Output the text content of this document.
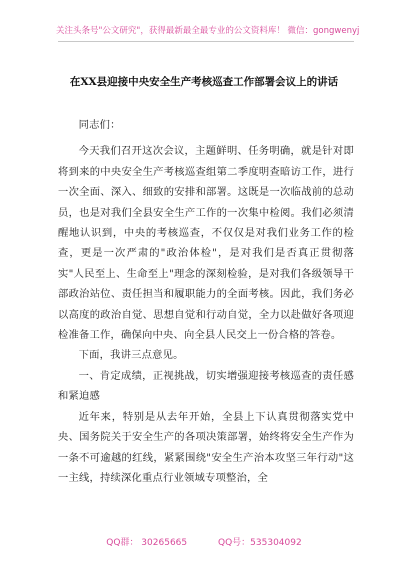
关注头条号"公文研究"，获得最新最全最专业的公文资料库！ 微信：gongwenyj
在XX县迎接中央安全生产考核巡查工作部署会议上的讲话

同志们：

今天我们召开这次会议，主题鲜明、任务明确，就是针对即将到来的中央安全生产考核巡查组第二季度明查暗访工作，进行一次全面、深入、细致的安排和部署。这既是一次临战前的总动员，也是对我们全县安全生产工作的一次集中检阅。我们必须清醒地认识到，中央的考核巡查，不仅仅是对我们业务工作的检查，更是一次严肃的"政治体检"，是对我们是否真正贯彻落实"人民至上、生命至上"理念的深刻检验，是对我们各级领导干部政治站位、责任担当和履职能力的全面考核。因此，我们务必以高度的政治自觉、思想自觉和行动自觉，全力以赴做好各项迎检准备工作，确保向中央、向全县人民交上一份合格的答卷。

下面，我讲三点意见。

一、肯定成绩，正视挑战，切实增强迎接考核巡查的责任感和紧迫感

近年来，特别是从去年开始，全县上下认真贯彻落实党中央、国务院关于安全生产的各项决策部署，始终将安全生产作为一条不可逾越的红线，紧紧围绕"安全生产治本攻坚三年行动"这一主线，持续深化重点行业领域专项整治，全

QQ群： 30265665	QQ号：535304092
